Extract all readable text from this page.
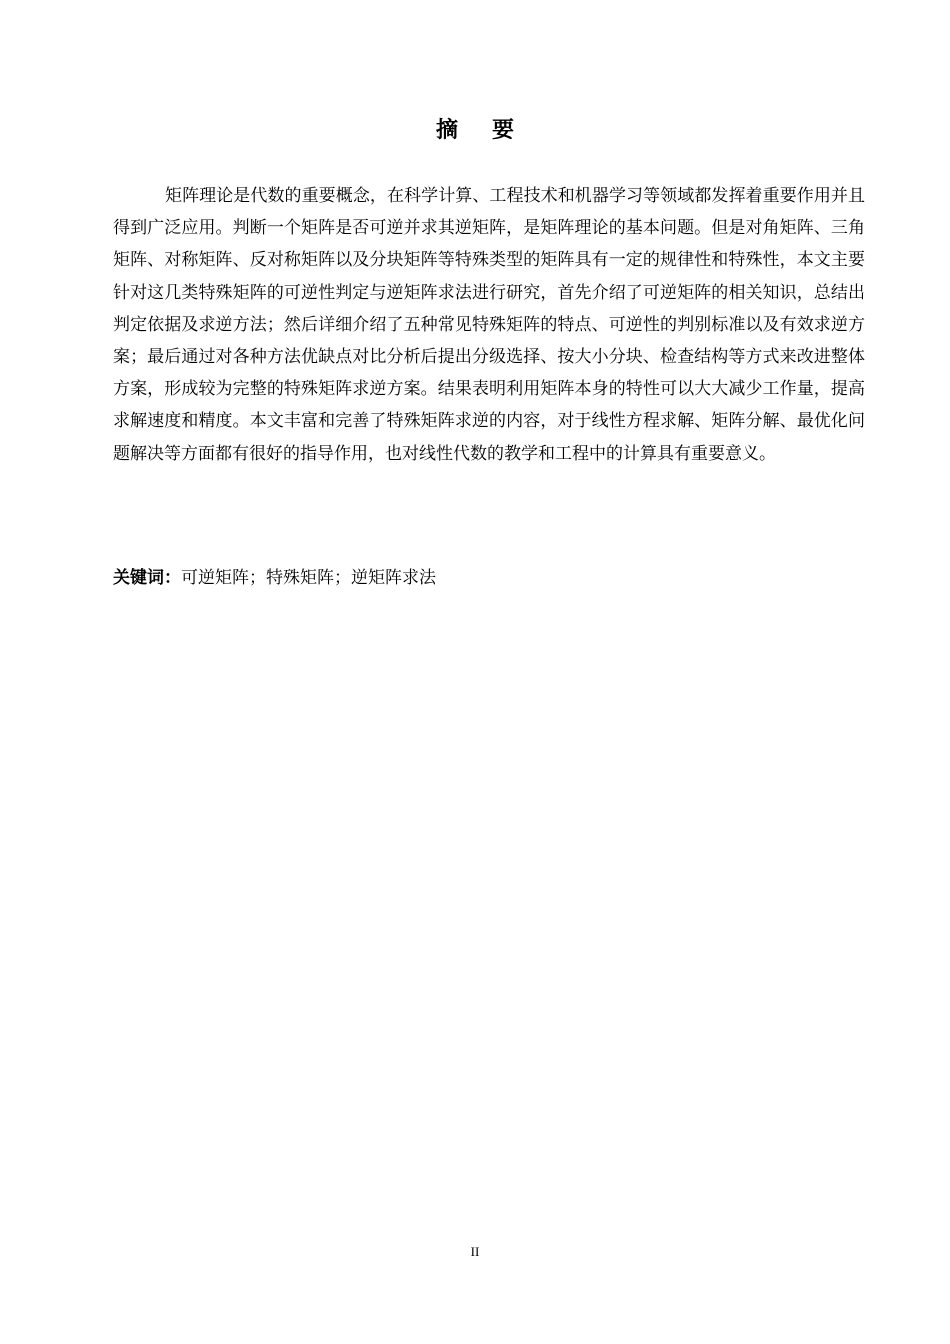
摘要

矩阵理论是代数的重要概念，在科学计算、工程技术和机器学习等领域都发挥着重要作用并且得到广泛应用。判断一个矩阵是否可逆并求其逆矩阵，是矩阵理论的基本问题。但是对角矩阵、三角矩阵、对称矩阵、反对称矩阵以及分块矩阵等特殊类型的矩阵具有一定的规律性和特殊性，本文主要针对这几类特殊矩阵的可逆性判定与逆矩阵求法进行研究，首先介绍了可逆矩阵的相关知识，总结出判定依据及求逆方法；然后详细介绍了五种常见特殊矩阵的特点、可逆性的判别标准以及有效求逆方案；最后通过对各种方法优缺点对比分析后提出分级选择、按大小分块、检查结构等方式来改进整体方案，形成较为完整的特殊矩阵求逆方案。结果表明利用矩阵本身的特性可以大大减少工作量，提高求解速度和精度。本文丰富和完善了特殊矩阵求逆的内容，对于线性方程求解、矩阵分解、最优化问题解决等方面都有很好的指导作用，也对线性代数的教学和工程中的计算具有重要意义。

关键词：可逆矩阵；特殊矩阵；逆矩阵求法
II
